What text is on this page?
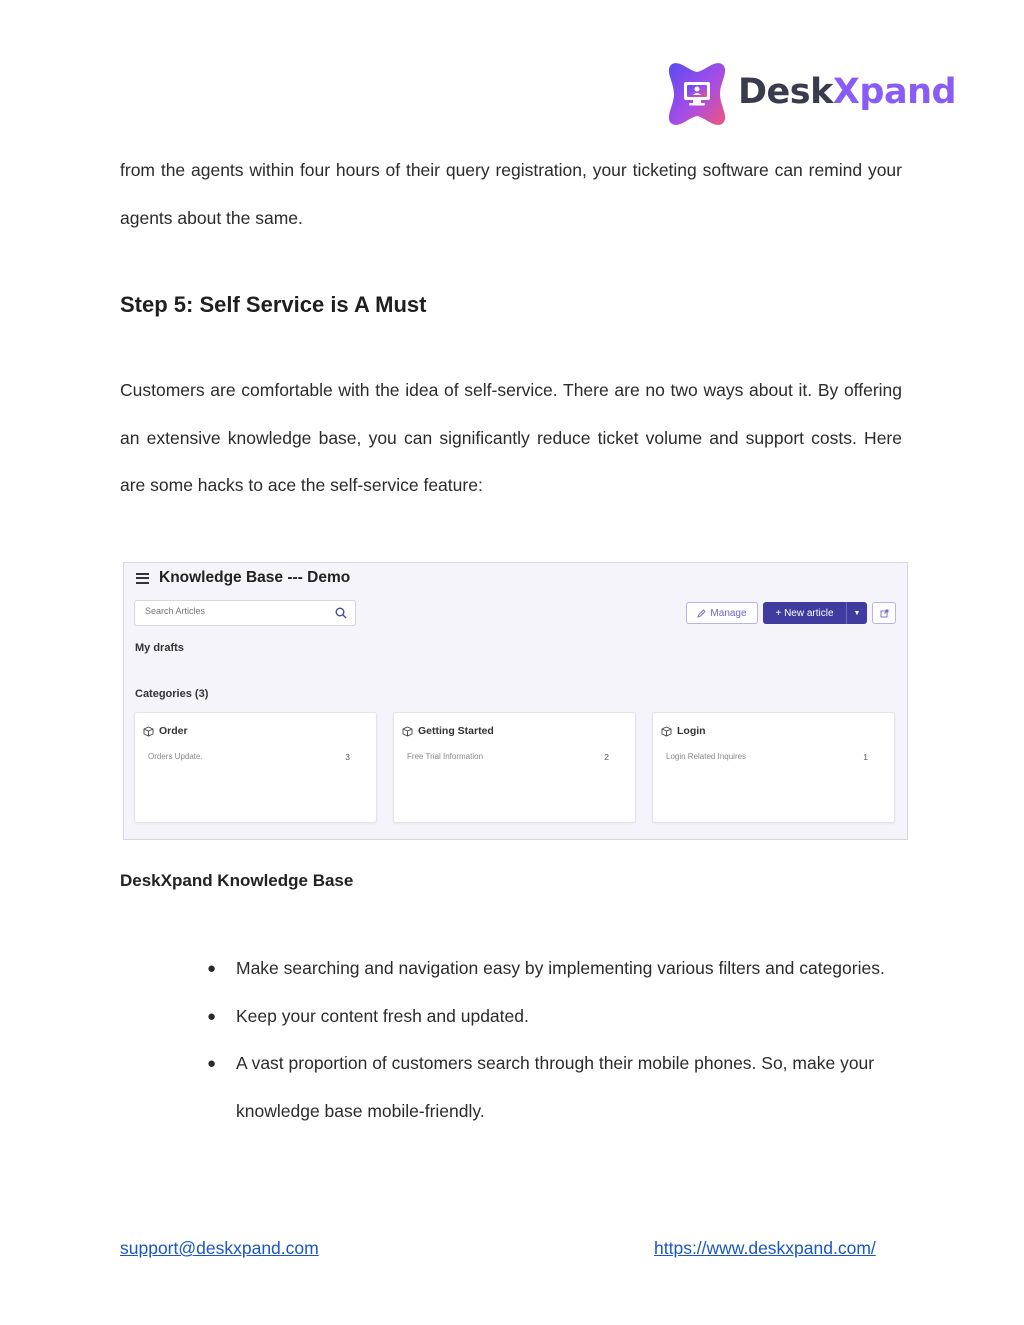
DeskXpand

from the agents within four hours of their query registration, your ticketing software can remind your agents about the same.

Step 5: Self Service is A Must

Customers are comfortable with the idea of self-service. There are no two ways about it. By offering an extensive knowledge base, you can significantly reduce ticket volume and support costs. Here are some hacks to ace the self-service feature:

Knowledge Base --- Demo
Search Articles
Manage	+ New article	▼
My drafts
Categories (3)
Order
Orders Update.	3
Getting Started
Free Trial Information	2
Login
Login Related Inquires	1
DeskXpand Knowledge Base
● Make searching and navigation easy by implementing various filters and categories.
● Keep your content fresh and updated.
● A vast proportion of customers search through their mobile phones. So, make your knowledge base mobile-friendly.
support@deskxpand.com	https://www.deskxpand.com/
